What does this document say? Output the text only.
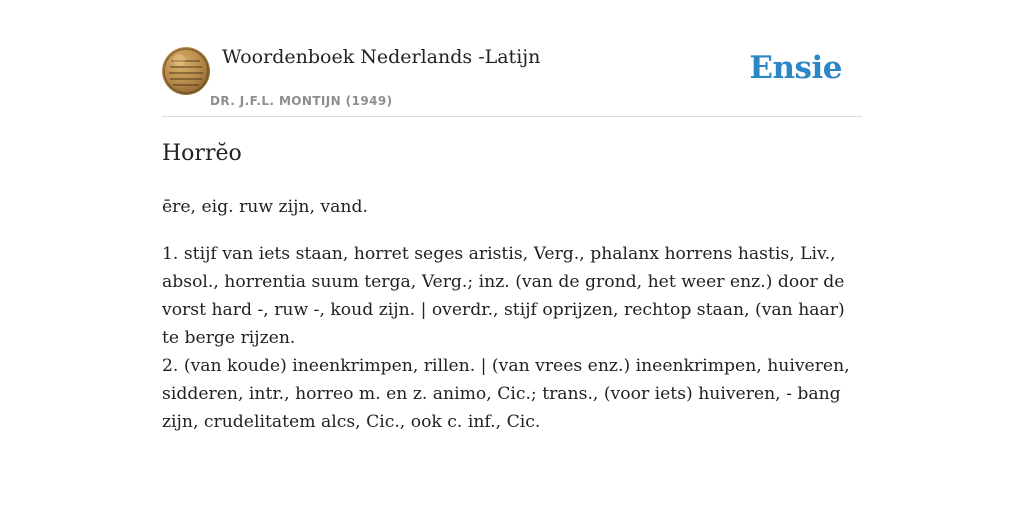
Woordenboek Nederlands -Latijn
DR. J.F.L. MONTIJN (1949)
Ensie
Horrĕo

ēre, eig. ruw zijn, vand.

1. stijf van iets staan, horret seges aristis, Verg., phalanx horrens hastis, Liv., absol., horrentia suum terga, Verg.; inz. (van de grond, het weer enz.) door de vorst hard -, ruw -, koud zijn. | overdr., stijf oprijzen, rechtop staan, (van haar) te berge rijzen.
2. (van koude) ineenkrimpen, rillen. | (van vrees enz.) ineenkrimpen, huiveren, sidderen, intr., horreo m. en z. animo, Cic.; trans., (voor iets) huiveren, - bang zijn, crudelitatem alcs, Cic., ook c. inf., Cic.
